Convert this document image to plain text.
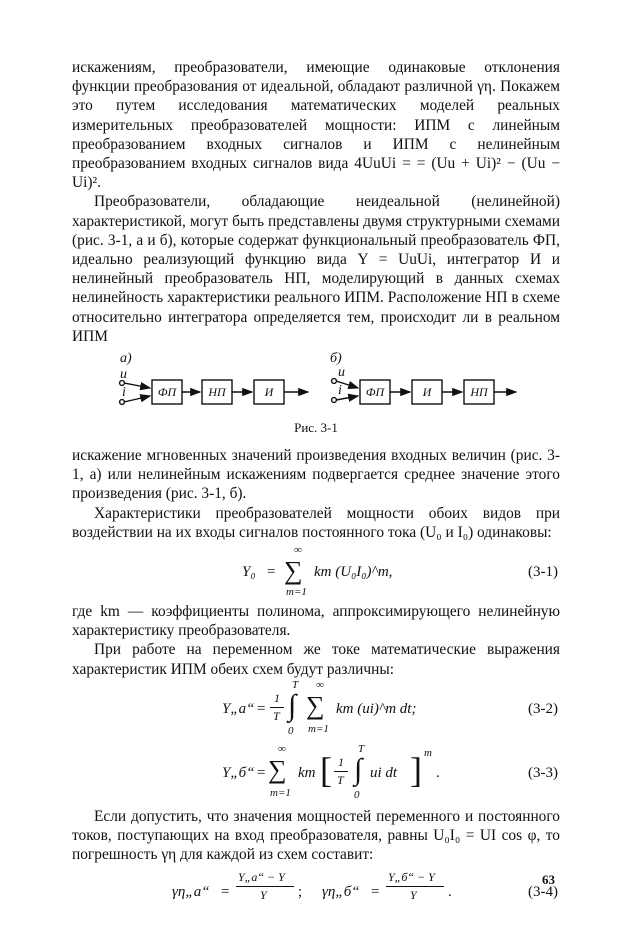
искажениям, преобразователи, имеющие одинаковые отклонения функции преобразования от идеальной, обладают различной γη. Покажем это путем исследования математических моделей реальных измерительных преобразователей мощности: ИПМ с линейным преобразованием входных сигналов и ИПМ с нелинейным преобразованием входных сигналов вида 4UuUi = = (Uu + Ui)² − (Uu − Ui)².

Преобразователи, обладающие неидеальной (нелинейной) характеристикой, могут быть представлены двумя структурными схемами (рис. 3-1, а и б), которые содержат функциональный преобразователь ФП, идеально реализующий функцию вида Y = UuUi, интегратор И и нелинейный преобразователь НП, моделирующий в данных схемах нелинейность характеристики реального ИПМ. Расположение НП в схеме относительно интегратора определяется тем, происходит ли в реальном ИПМ

а)
u
i
б)
u
i
ФП	НП	И	ФП	И	НП
Рис. 3-1

искажение мгновенных значений произведения входных величин (рис. 3-1, а) или нелинейным искажениям подвергается среднее значение этого произведения (рис. 3-1, б).

Характеристики преобразователей мощности обоих видов при воздействии на их входы сигналов постоянного тока (U₀ и I₀) одинаковы:

Y₀ =
∞
∑
m=1
km (U₀I₀)^m,	(3-1)

где km — коэффициенты полинома, аппроксимирующего нелинейную характеристику преобразователя.

При работе на переменном же токе математические выражения характеристик ИПМ обеих схем будут различны:

Y„а“ =
1
T
T
∫
0
∞
∑
m=1
km (ui)^m dt;	(3-2)
Y„б“ =
∞
∑
m=1
km [ 1
T
T
∫
0
ui dt ] m
.	(3-3)

Если допустить, что значения мощностей переменного и постоянного токов, поступающих на вход преобразователя, равны U₀I₀ = UI cos φ, то погрешность γη для каждой из схем составит:

γη„а“ =
Y„а“ − Y
Y ; γη„б“ =
Y„б“ − Y
Y .	(3-4)
63
